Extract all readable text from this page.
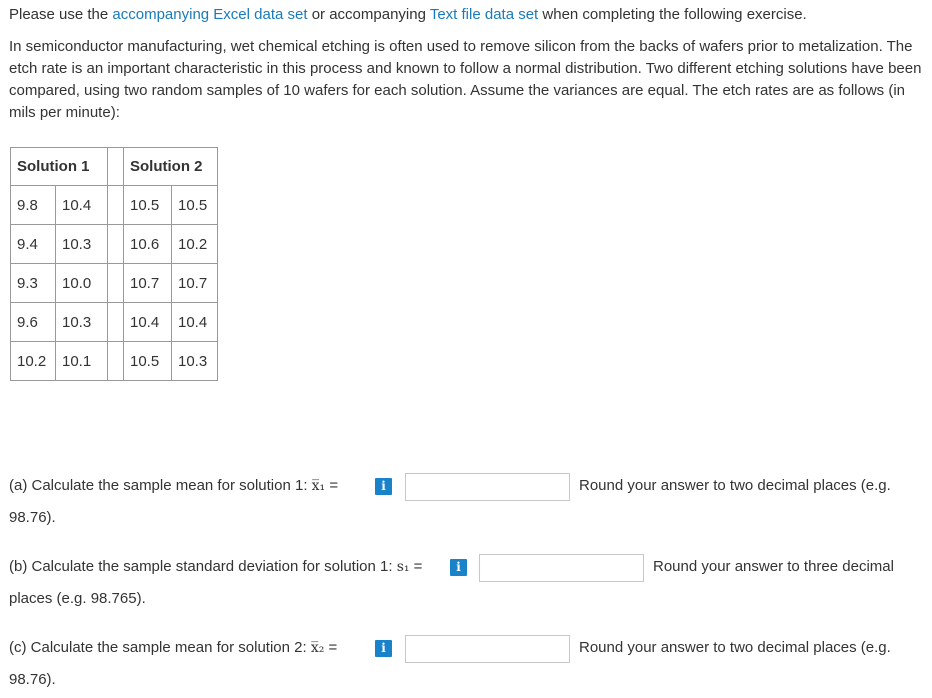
Please use the accompanying Excel data set or accompanying Text file data set when completing the following exercise.

In semiconductor manufacturing, wet chemical etching is often used to remove silicon from the backs of wafers prior to metalization. The etch rate is an important characteristic in this process and known to follow a normal distribution. Two different etching solutions have been compared, using two random samples of 10 wafers for each solution. Assume the variances are equal. The etch rates are as follows (in mils per minute):

Solution 1			Solution 2	
9.8	10.4		10.5	10.5
9.4	10.3		10.6	10.2
9.3	10.0		10.7	10.7
9.6	10.3		10.4	10.4
10.2	10.1		10.5	10.3
(a) Calculate the sample mean for solution 1: x̅₁ =
98.76).
i	Round your answer to two decimal places (e.g.
(b) Calculate the sample standard deviation for solution 1: s₁ =
places (e.g. 98.765).
i	Round your answer to three decimal
(c) Calculate the sample mean for solution 2: x̅₂ =
98.76).
i	Round your answer to two decimal places (e.g.
